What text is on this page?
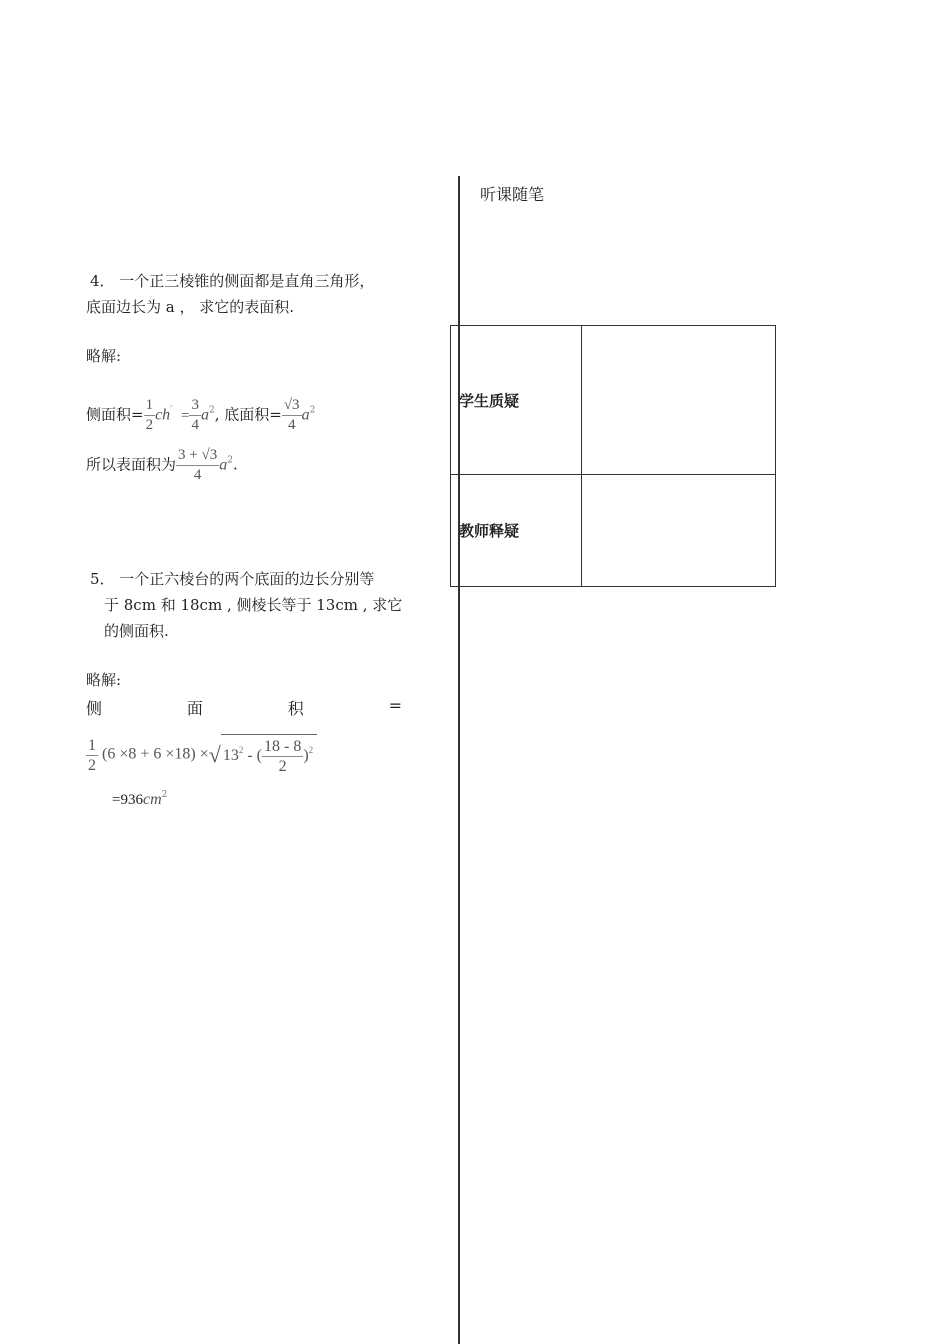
听课随笔
4． 一个正三棱锥的侧面都是直角三角形，
底面边长为 a ， 求它的表面积.
略解:
侧面积= $\frac{1}{2} ch' = \frac{3}{4} a^2$, 底面积= $\frac{√3}{4} a^2$
所以表面积为 $\frac{3 + √3}{4} a^2$.
5． 一个正六棱台的两个底面的边长分别等
于 8cm 和 18cm , 侧棱长等于 13cm , 求它
的侧面积.
略解:
侧	面	积	=
$\frac{1}{2} (6 \times 8 + 6 \times 18)$ ×√ $13^2$ - ( $\frac{18 - 8}{2} )^2$
$=936cm^2$
学生质疑	
教师释疑	
